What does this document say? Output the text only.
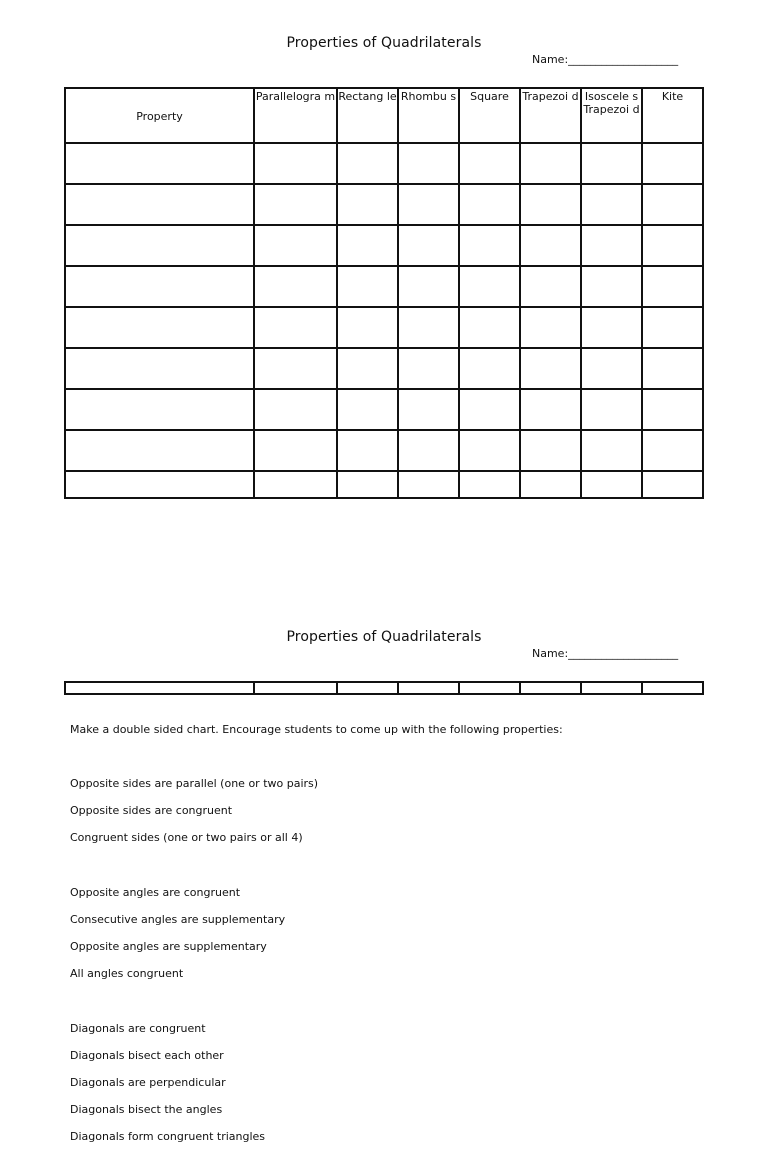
Properties of Quadrilaterals
Name:____________________
Property	Parallelogra m	Rectang le	Rhombu s	Square	Trapezoi d	Isoscele s Trapezoi d	Kite

Properties of Quadrilaterals
Name:____________________

Make a double sided chart. Encourage students to come up with the following properties:

Opposite sides are parallel (one or two pairs)

Opposite sides are congruent

Congruent sides (one or two pairs or all 4)

Opposite angles are congruent

Consecutive angles are supplementary

Opposite angles are supplementary

All angles congruent

Diagonals are congruent

Diagonals bisect each other

Diagonals are perpendicular

Diagonals bisect the angles

Diagonals form congruent triangles
